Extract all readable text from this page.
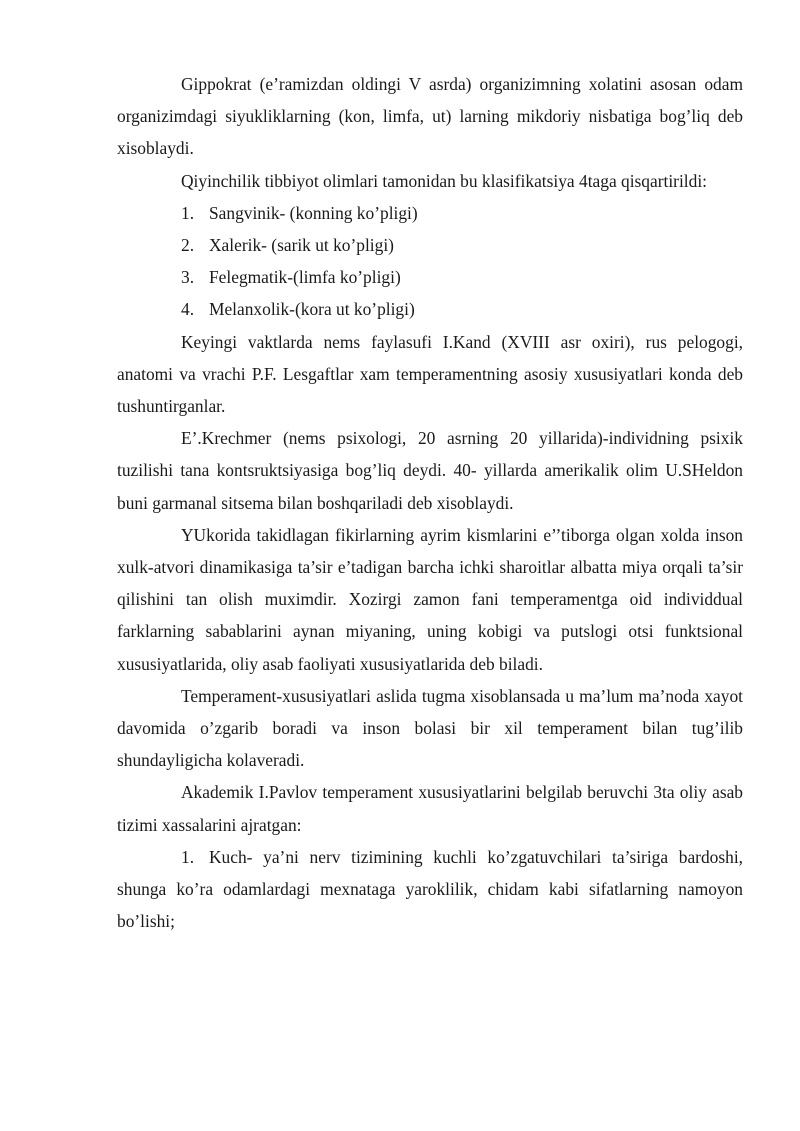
Gippokrat (e’ramizdan oldingi V asrda) organizimning xolatini asosan odam organizimdagi siyukliklarning (kon, limfa, ut) larning mikdoriy nisbatiga bog’liq deb xisoblaydi.

Qiyinchilik tibbiyot olimlari tamonidan bu klasifikatsiya 4taga qisqartirildi:

1. Sangvinik- (konning ko’pligi)
2. Xalerik- (sarik ut ko’pligi)
3. Felegmatik-(limfa ko’pligi)
4. Melanxolik-(kora ut ko’pligi)

Keyingi vaktlarda nems faylasufi I.Kand (XVIII asr oxiri), rus pelogogi, anatomi va vrachi P.F. Lesgaftlar xam temperamentning asosiy xususiyatlari konda deb tushuntirganlar.

E’.Krechmer (nems psixologi, 20 asrning 20 yillarida)-individning psixik tuzilishi tana kontsruktsiyasiga bog’liq deydi. 40- yillarda amerikalik olim U.SHeldon buni garmanal sitsema bilan boshqariladi deb xisoblaydi.

YUkorida takidlagan fikirlarning ayrim kismlarini e’’tiborga olgan xolda inson xulk-atvori dinamikasiga ta’sir e’tadigan barcha ichki sharoitlar albatta miya orqali ta’sir qilishini tan olish muximdir. Xozirgi zamon fani temperamentga oid individdual farklarning sabablarini aynan miyaning, uning kobigi va putslogi otsi funktsional xususiyatlarida, oliy asab faoliyati xususiyatlarida deb biladi.

Temperament-xususiyatlari aslida tugma xisoblansada u ma’lum ma’noda xayot davomida o’zgarib boradi va inson bolasi bir xil temperament bilan tug’ilib shundayligicha kolaveradi.

Akademik I.Pavlov temperament xususiyatlarini belgilab beruvchi 3ta oliy asab tizimi xassalarini ajratgan:

1. Kuch- ya’ni nerv tizimining kuchli ko’zgatuvchilari ta’siriga bardoshi, shunga ko’ra odamlardagi mexnataga yaroklilik, chidam kabi sifatlarning namoyon bo’lishi;
